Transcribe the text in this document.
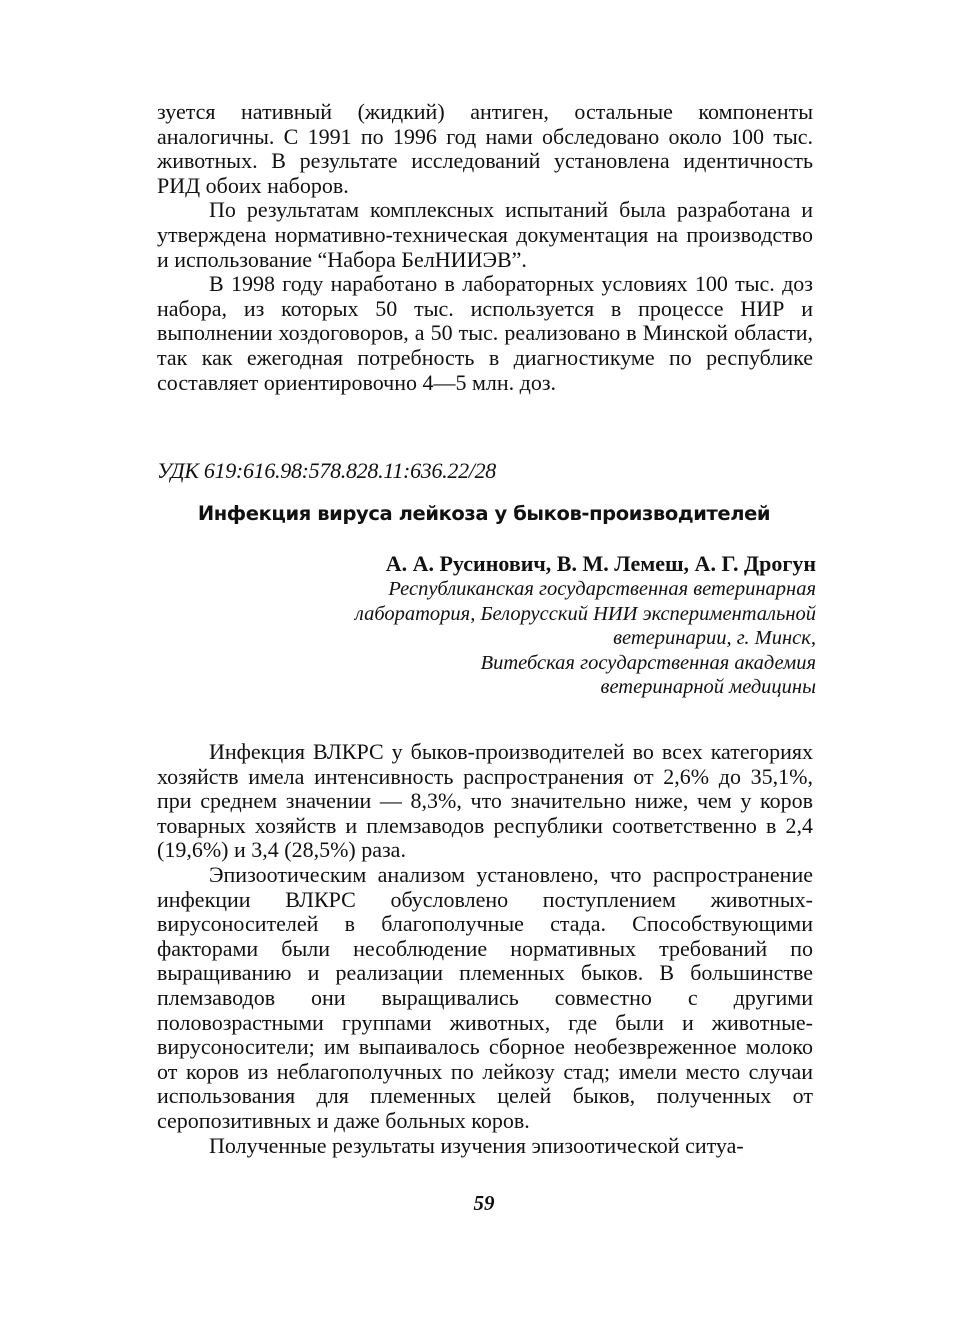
зуется нативный (жидкий) антиген, остальные компоненты аналогичны. С 1991 по 1996 год нами обследовано около 100 тыс. животных. В результате исследований установлена идентичность РИД обоих наборов.

По результатам комплексных испытаний была разработана и утверждена нормативно-техническая документация на производство и использование “Набора БелНИИЭВ”.

В 1998 году наработано в лабораторных условиях 100 тыс. доз набора, из которых 50 тыс. используется в процессе НИР и выполнении хоздоговоров, а 50 тыс. реализовано в Минской области, так как ежегодная потребность в диагностикуме по республике составляет ориентировочно 4—5 млн. доз.

УДК 619:616.98:578.828.11:636.22/28

Инфекция вируса лейкоза у быков-производителей

А. А. Русинович, В. М. Лемеш, А. Г. Дрогун

Республиканская государственная ветеринарная
лаборатория, Белорусский НИИ экспериментальной
ветеринарии, г. Минск,
Витебская государственная академия
ветеринарной медицины

Инфекция ВЛКРС у быков-производителей во всех категориях хозяйств имела интенсивность распространения от 2,6% до 35,1%, при среднем значении — 8,3%, что значительно ниже, чем у коров товарных хозяйств и племзаводов республики соответственно в 2,4 (19,6%) и 3,4 (28,5%) раза.

Эпизоотическим анализом установлено, что распространение инфекции ВЛКРС обусловлено поступлением животных-вирусоносителей в благополучные стада. Способствующими факторами были несоблюдение нормативных требований по выращиванию и реализации племенных быков. В большинстве племзаводов они выращивались совместно с другими половозрастными группами животных, где были и животные-вирусоносители; им выпаивалось сборное необезвреженное молоко от коров из неблагополучных по лейкозу стад; имели место случаи использования для племенных целей быков, полученных от серопозитивных и даже больных коров.

Полученные результаты изучения эпизоотической ситуа-

59
